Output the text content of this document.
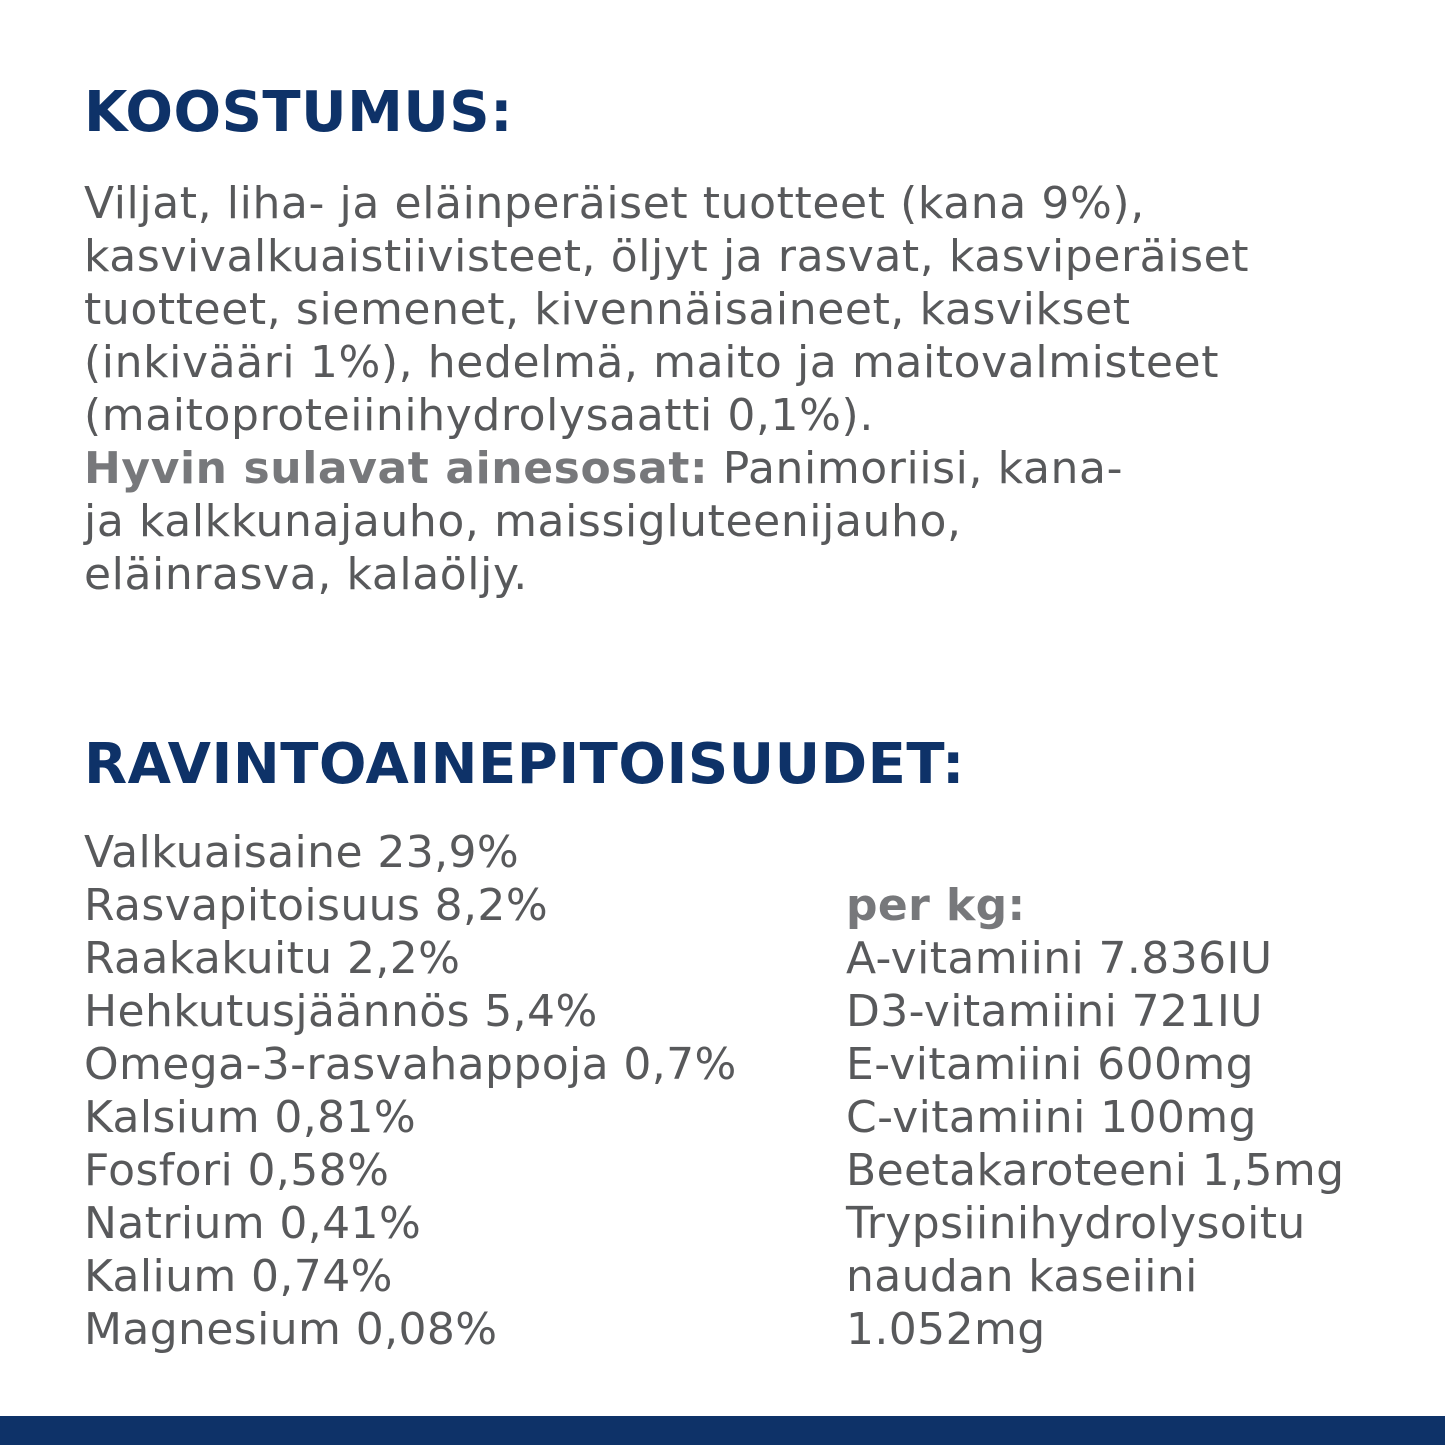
KOOSTUMUS:
Viljat, liha- ja eläinperäiset tuotteet (kana 9%),
kasvivalkuaistiivisteet, öljyt ja rasvat, kasviperäiset
tuotteet, siemenet, kivennäisaineet, kasvikset
(inkivääri 1%), hedelmä, maito ja maitovalmisteet
(maitoproteiinihydrolysaatti 0,1%).
Hyvin sulavat ainesosat: Panimoriisi, kana-
ja kalkkunajauho, maissigluteenijauho,
eläinrasva, kalaöljy.
RAVINTOAINEPITOISUUDET:
Valkuaisaine 23,9%
Rasvapitoisuus 8,2%
Raakakuitu 2,2%
Hehkutusjäännös 5,4%
Omega-3-rasvahappoja 0,7%
Kalsium 0,81%
Fosfori 0,58%
Natrium 0,41%
Kalium 0,74%
Magnesium 0,08%
per kg:
A-vitamiini 7.836IU
D3-vitamiini 721IU
E-vitamiini 600mg
C-vitamiini 100mg
Beetakaroteeni 1,5mg
Trypsiinihydrolysoitu
naudan kaseiini
1.052mg
